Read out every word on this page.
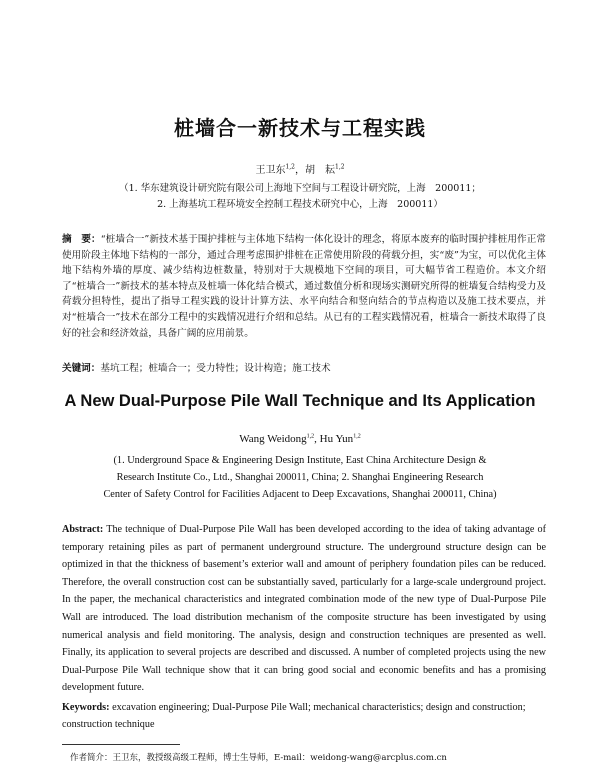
桩墙合一新技术与工程实践
王卫东$^{1,2}$，胡　耘$^{1,2}$
（1. 华东建筑设计研究院有限公司上海地下空间与工程设计研究院，上海　200011；
2. 上海基坑工程环境安全控制工程技术研究中心，上海　200011）
摘　要：“桩墙合一”新技术基于围护排桩与主体地下结构一体化设计的理念，将原本废弃的临时围护排桩用作正常使用阶段主体地下结构的一部分，通过合理考虑围护排桩在正常使用阶段的荷载分担，实“废”为宝，可以优化主体地下结构外墙的厚度、减少结构边桩数量，特别对于大规模地下空间的项目，可大幅节省工程造价。本文介绍了“桩墙合一”新技术的基本特点及桩墙一体化结合模式，通过数值分析和现场实测研究所得的桩墙复合结构受力及荷载分担特性，提出了指导工程实践的设计计算方法、水平向结合和竖向结合的节点构造以及施工技术要点，并对“桩墙合一”技术在部分工程中的实践情况进行介绍和总结。从已有的工程实践情况看，桩墙合一新技术取得了良好的社会和经济效益，具备广阔的应用前景。
关键词：基坑工程；桩墙合一；受力特性；设计构造；施工技术
A New Dual-Purpose Pile Wall Technique and Its Application
Wang Weidong$^{1,2}$, Hu Yun$^{1,2}$
(1. Underground Space & Engineering Design Institute, East China Architecture Design &
Research Institute Co., Ltd., Shanghai 200011, China; 2. Shanghai Engineering Research
Center of Safety Control for Facilities Adjacent to Deep Excavations, Shanghai 200011, China)
Abstract: The technique of Dual-Purpose Pile Wall has been developed according to the idea of taking advantage of temporary retaining piles as part of permanent underground structure. The underground structure design can be optimized in that the thickness of basement’s exterior wall and amount of periphery foundation piles can be reduced. Therefore, the overall construction cost can be substantially saved, particularly for a large-scale underground project. In the paper, the mechanical characteristics and integrated combination mode of the new type of Dual-Purpose Pile Wall are introduced. The load distribution mechanism of the composite structure has been investigated by using numerical analysis and field monitoring. The analysis, design and construction techniques are presented as well. Finally, its application to several projects are described and discussed. A number of completed projects using the new Dual-Purpose Pile Wall technique show that it can bring good social and economic benefits and has a promising development future.
Keywords: excavation engineering; Dual-Purpose Pile Wall; mechanical characteristics; design and construction; construction technique
作者简介：王卫东，教授级高级工程师，博士生导师，E-mail：weidong-wang@arcplus.com.cn
